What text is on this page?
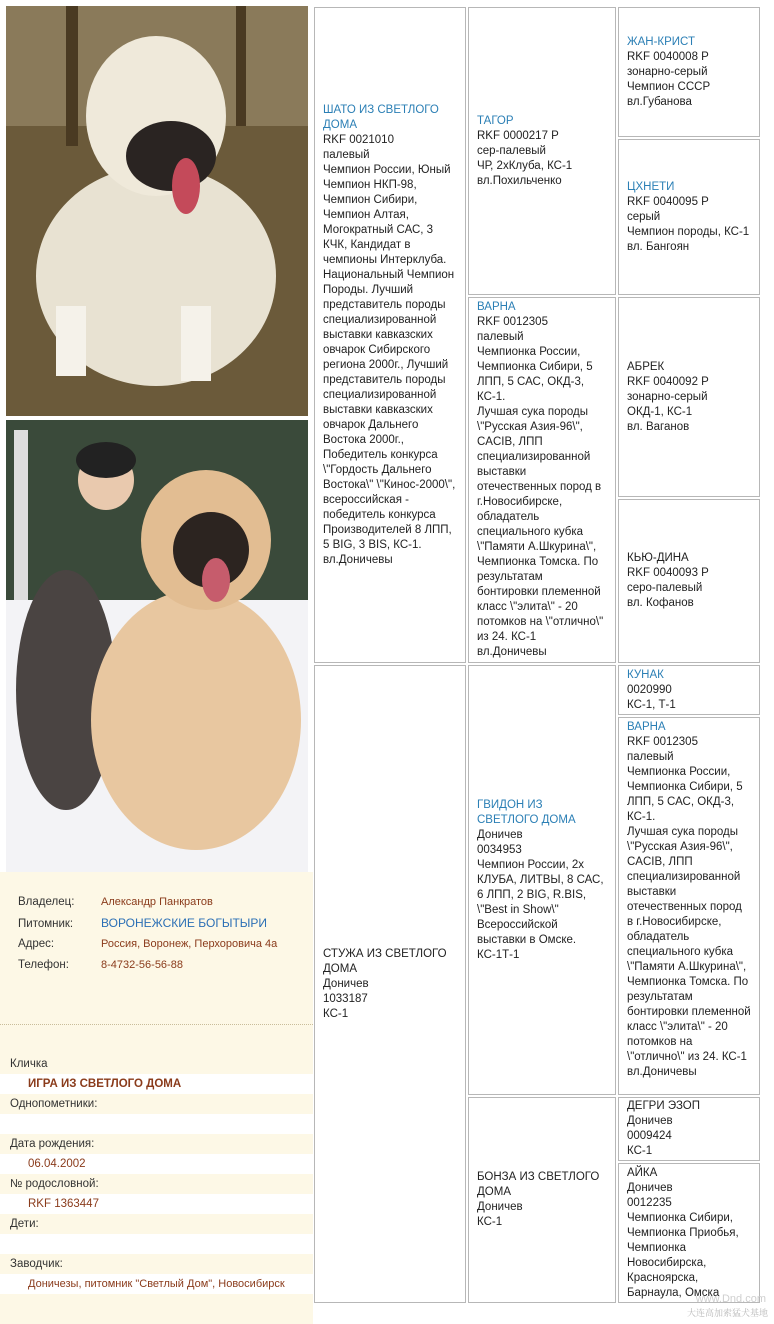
Владелец: Александр Панкратов
Питомник: ВОРОНЕЖСКИЕ БОГЫТЫРИ
Адрес:	Россия, Воронеж, Перхоровича 4а
Телефон:	8-4732-56-56-88
Кличка
ИГРА ИЗ СВЕТЛОГО ДОМА
Однопометники:
Дата рождения:
06.04.2002
№ родословной:
RKF 1363447
Дети:
Заводчик:
Доничезы, питомник "Светлый Дом", Новосибирск
ШАТО ИЗ СВЕТЛОГО ДОМА
RKF 0021010
палевый
Чемпион России, Юный Чемпион НКП-98, Чемпион Сибири, Чемпион Алтая, Могократный САС, 3 КЧК, Кандидат в чемпионы Интерклуба. Национальный Чемпион Породы. Лучший представитель породы специализированной выставки кавказских овчарок Сибирского региона 2000г., Лучший представитель породы специализированной выставки кавказских овчарок Дальнего Востока 2000г., Победитель конкурса \"Гордость Дальнего Востока\" \"Кинос-2000\", всероссийская - победитель конкурса Производителей 8 ЛПП, 5 BIG, 3 BIS, КС-1.
вл.Доничевы
ТАГОР
RKF 0000217 Р
сер-палевый
ЧР, 2хКлуба, КС-1
вл.Похильченко
ЖАН-КРИСТ
RKF 0040008 Р
зонарно-серый
Чемпион СССР
вл.Губанова
ЦХНЕТИ
RKF 0040095 Р
серый
Чемпион породы, КС-1
вл. Бангоян
ВАРНА
RKF 0012305
палевый
Чемпионка России, Чемпионка Сибири, 5 ЛПП, 5 САС, ОКД-3, КС-1.
Лучшая сука породы \"Русская Азия-96\", CACIB, ЛПП специализированной выставки отечественных пород в г.Новосибирске, обладатель специального кубка \"Памяти А.Шкурина\", Чемпионка Томска. По результатам бонтировки племенной класс \"элита\" - 20 потомков на \"отлично\" из 24. КС-1
вл.Доничевы
АБРЕК
RKF 0040092 Р
зонарно-серый
ОКД-1, КС-1
вл. Ваганов
КЬЮ-ДИНА
RKF 0040093 Р
серо-палевый
вл. Кофанов
СТУЖА ИЗ СВЕТЛОГО ДОМА
Доничев
1033187
КС-1
ГВИДОН ИЗ СВЕТЛОГО ДОМА
Доничев
0034953
Чемпион России, 2х КЛУБА, ЛИТВЫ, 8 САС, 6 ЛПП, 2 BIG, R.BIS, \"Best in Show\" Всероссийской выставки в Омске.
КС-1Т-1
КУНАК
0020990
КС-1, Т-1
ВАРНА
RKF 0012305
палевый
Чемпионка России, Чемпионка Сибири, 5 ЛПП, 5 САС, ОКД-3, КС-1.
Лучшая сука породы \"Русская Азия-96\", CACIB, ЛПП специализированной выставки отечественных пород в г.Новосибирске, обладатель специального кубка \"Памяти А.Шкурина\", Чемпионка Томска. По результатам бонтировки племенной класс \"элита\" - 20 потомков на \"отлично\" из 24. КС-1
вл.Доничевы
БОНЗА ИЗ СВЕТЛОГО ДОМА
Доничев
КС-1
ДЕГРИ ЭЗОП
Доничев
0009424
КС-1
АЙКА
Доничев
0012235
Чемпионка Сибири, Чемпионка Приобья, Чемпионка Новосибирска, Красноярска, Барнаула, Омска
www.Dnd.com
大连高加索猛犬基地
